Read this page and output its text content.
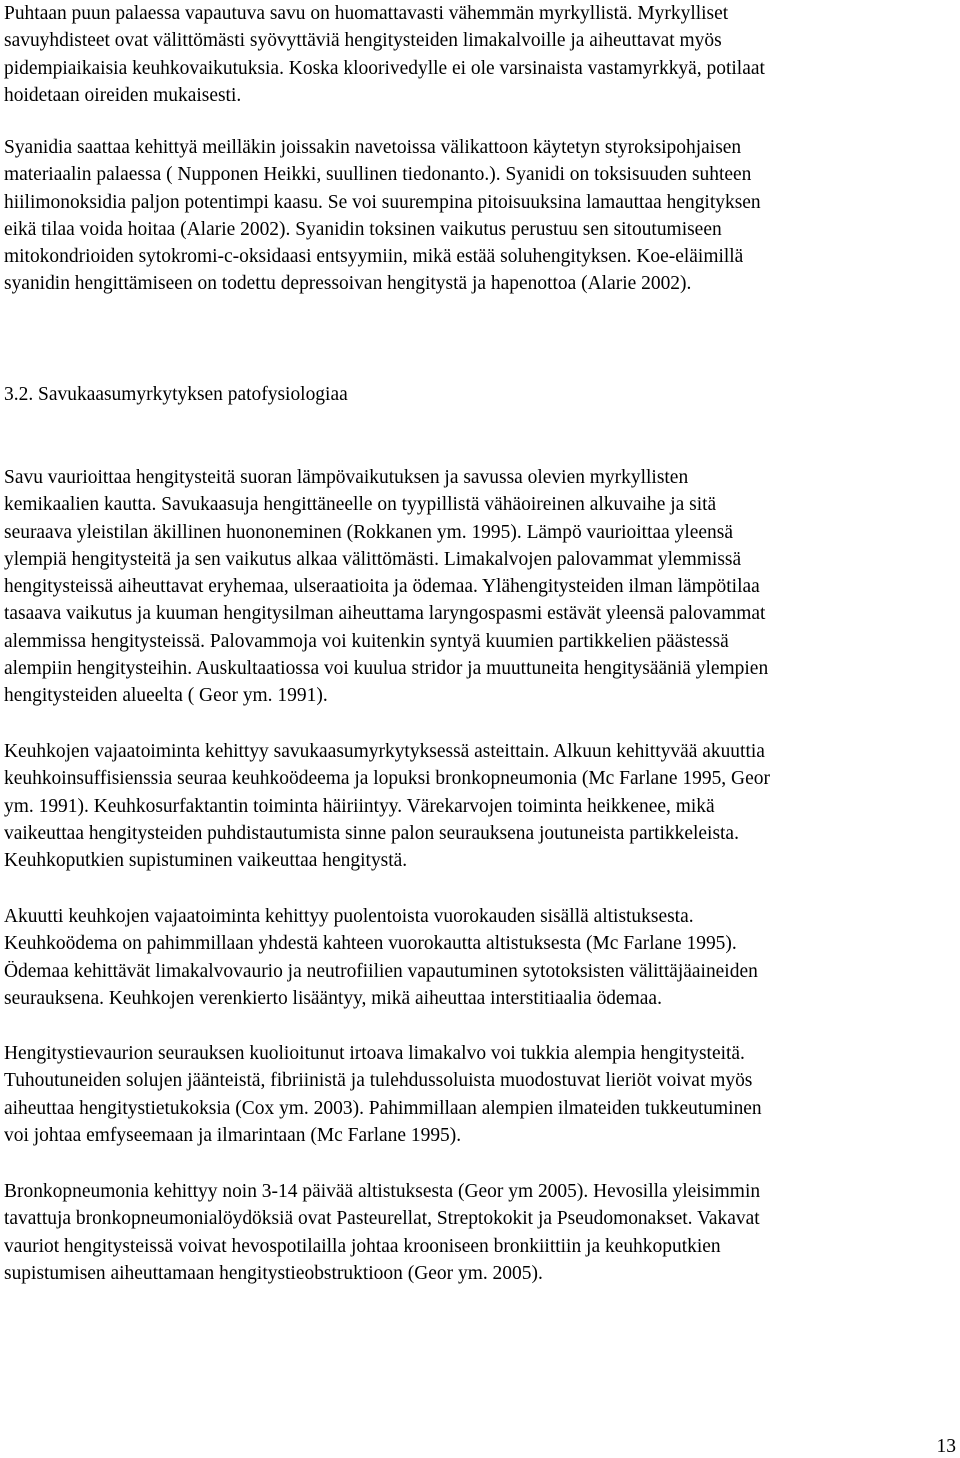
Puhtaan puun palaessa vapautuva savu on huomattavasti vähemmän myrkyllistä. Myrkylliset
savuyhdisteet ovat välittömästi syövyttäviä hengitysteiden limakalvoille ja aiheuttavat myös
pidempiaikaisia keuhkovaikutuksia. Koska kloorivedylle ei ole varsinaista vastamyrkkyä, potilaat
hoidetaan oireiden mukaisesti.

Syanidia saattaa kehittyä meilläkin joissakin navetoissa välikattoon käytetyn styroksipohjaisen
materiaalin palaessa ( Nupponen Heikki, suullinen tiedonanto.). Syanidi on toksisuuden suhteen
hiilimonoksidia paljon potentimpi kaasu. Se voi suurempina pitoisuuksina lamauttaa hengityksen
eikä tilaa voida hoitaa (Alarie 2002). Syanidin toksinen vaikutus perustuu sen sitoutumiseen
mitokondrioiden sytokromi-c-oksidaasi entsyymiin, mikä estää soluhengityksen. Koe-eläimillä
syanidin hengittämiseen on todettu depressoivan hengitystä ja hapenottoa (Alarie 2002).

3.2. Savukaasumyrkytyksen patofysiologiaa

Savu vaurioittaa hengitysteitä suoran lämpövaikutuksen ja savussa olevien myrkyllisten
kemikaalien kautta. Savukaasuja hengittäneelle on tyypillistä vähäoireinen alkuvaihe ja sitä
seuraava yleistilan äkillinen huononeminen (Rokkanen ym. 1995). Lämpö vaurioittaa yleensä
ylempiä hengitysteitä ja sen vaikutus alkaa välittömästi. Limakalvojen palovammat ylemmissä
hengitysteissä aiheuttavat eryhemaa, ulseraatioita ja ödemaa. Ylähengitysteiden ilman lämpötilaa
tasaava vaikutus ja kuuman hengitysilman aiheuttama laryngospasmi estävät yleensä palovammat
alemmissa hengitysteissä. Palovammoja voi kuitenkin syntyä kuumien partikkelien päästessä
alempiin hengitysteihin. Auskultaatiossa voi kuulua stridor ja muuttuneita hengitysääniä ylempien
hengitysteiden alueelta ( Geor ym. 1991).

Keuhkojen vajaatoiminta kehittyy savukaasumyrkytyksessä asteittain. Alkuun kehittyvää akuuttia
keuhkoinsuffisienssia seuraa keuhkoödeema ja lopuksi bronkopneumonia (Mc Farlane 1995, Geor
ym. 1991). Keuhkosurfaktantin toiminta häiriintyy. Värekarvojen toiminta heikkenee, mikä
vaikeuttaa hengitysteiden puhdistautumista sinne palon seurauksena joutuneista partikkeleista.
Keuhkoputkien supistuminen vaikeuttaa hengitystä.

Akuutti keuhkojen vajaatoiminta kehittyy puolentoista vuorokauden sisällä altistuksesta.
Keuhkoödema on pahimmillaan yhdestä kahteen vuorokautta altistuksesta (Mc Farlane 1995).
Ödemaa kehittävät limakalvovaurio ja neutrofiilien vapautuminen sytotoksisten välittäjäaineiden
seurauksena. Keuhkojen verenkierto lisääntyy, mikä aiheuttaa interstitiaalia ödemaa.

Hengitystievaurion seurauksen kuolioitunut irtoava limakalvo voi tukkia alempia hengitysteitä.
Tuhoutuneiden solujen jäänteistä, fibriinistä ja tulehdussoluista muodostuvat lieriöt voivat myös
aiheuttaa hengitystietukoksia (Cox ym. 2003). Pahimmillaan alempien ilmateiden tukkeutuminen
voi johtaa emfyseemaan ja ilmarintaan (Mc Farlane 1995).

Bronkopneumonia kehittyy noin 3-14 päivää altistuksesta (Geor ym 2005). Hevosilla yleisimmin
tavattuja bronkopneumonialöydöksiä ovat Pasteurellat, Streptokokit ja Pseudomonakset. Vakavat
vauriot hengitysteissä voivat hevospotilailla johtaa krooniseen bronkiittiin ja keuhkoputkien
supistumisen aiheuttamaan hengitystieobstruktioon (Geor ym. 2005).

13
